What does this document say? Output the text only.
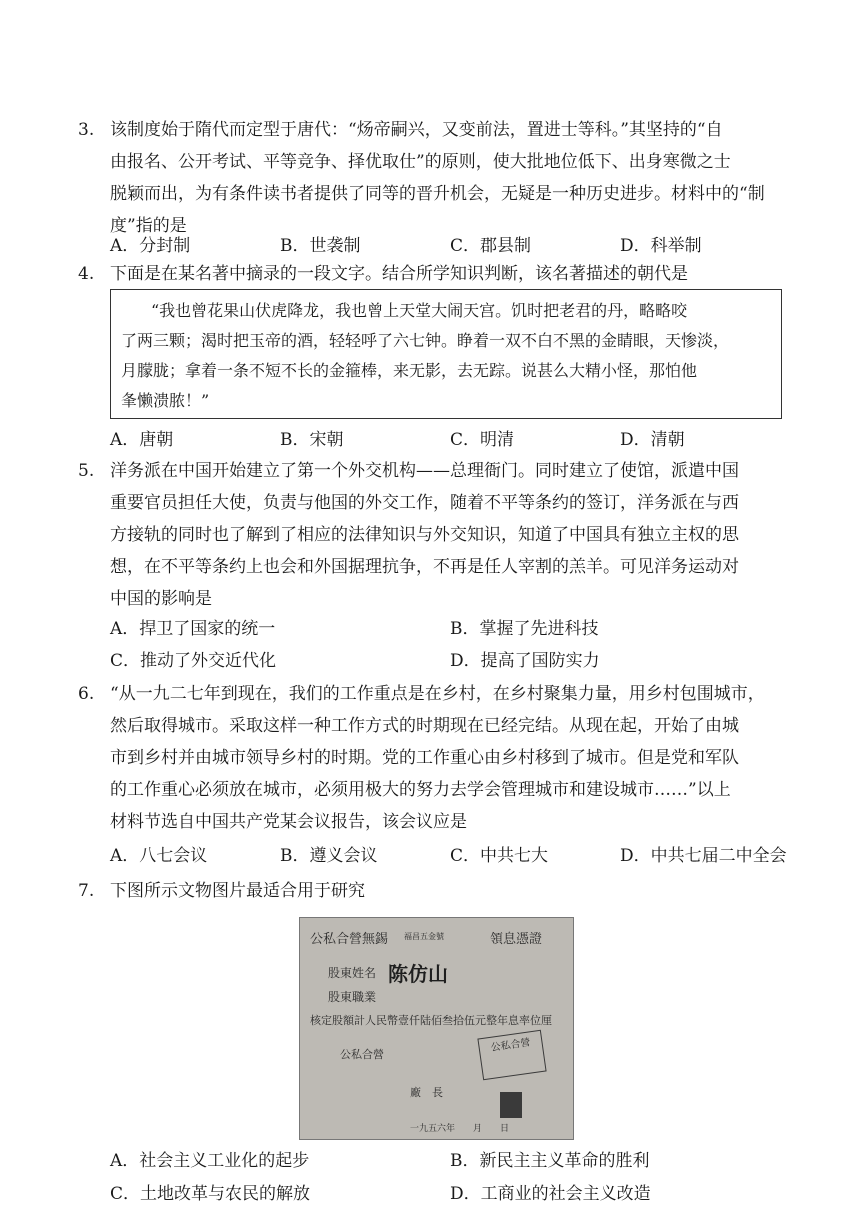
3. 该制度始于隋代而定型于唐代：“炀帝嗣兴，又变前法，置进士等科。”其坚持的“自
由报名、公开考试、平等竞争、择优取仕”的原则，使大批地位低下、出身寒微之士
脱颖而出，为有条件读书者提供了同等的晋升机会，无疑是一种历史进步。材料中的“制
度”指的是
A．分封制	B．世袭制	C．郡县制	D．科举制
4. 下面是在某名著中摘录的一段文字。结合所学知识判断，该名著描述的朝代是
“我也曾花果山伏虎降龙，我也曾上天堂大闹天宫。饥时把老君的丹，略略咬
了两三颗；渴时把玉帝的酒，轻轻呼了六七钟。睁着一双不白不黑的金睛眼，天惨淡，
月朦胧；拿着一条不短不长的金箍棒，来无影，去无踪。说甚么大精小怪，那怕他
夆懒溃脓！”
A．唐朝	B．宋朝	C．明清	D．清朝
5. 洋务派在中国开始建立了第一个外交机构——总理衙门。同时建立了使馆，派遣中国
重要官员担任大使，负责与他国的外交工作，随着不平等条约的签订，洋务派在与西
方接轨的同时也了解到了相应的法律知识与外交知识，知道了中国具有独立主权的思
想，在不平等条约上也会和外国据理抗争，不再是任人宰割的羔羊。可见洋务运动对
中国的影响是
A．捍卫了国家的统一	B．掌握了先进科技
C．推动了外交近代化	D．提高了国防实力
6. “从一九二七年到现在，我们的工作重点是在乡村，在乡村聚集力量，用乡村包围城市，
然后取得城市。采取这样一种工作方式的时期现在已经完结。从现在起，开始了由城
市到乡村并由城市领导乡村的时期。党的工作重心由乡村移到了城市。但是党和军队
的工作重心必须放在城市，必须用极大的努力去学会管理城市和建设城市……”以上
材料节选自中国共产党某会议报告，该会议应是
A．八七会议	B．遵义会议	C．中共七大	D．中共七届二中全会
7. 下图所示文物图片最适合用于研究
公私合營無錫 福昌五金號	領息憑證
股東姓名 陈仿山
股東職業
核定股額計人民幣壹仟陆佰叁拾伍元整年息率位厘
公私合營
公私合營
廠　長
一九五六年　　月　　日
A．社会主义工业化的起步	B．新民主主义革命的胜利
C．土地改革与农民的解放	D．工商业的社会主义改造
